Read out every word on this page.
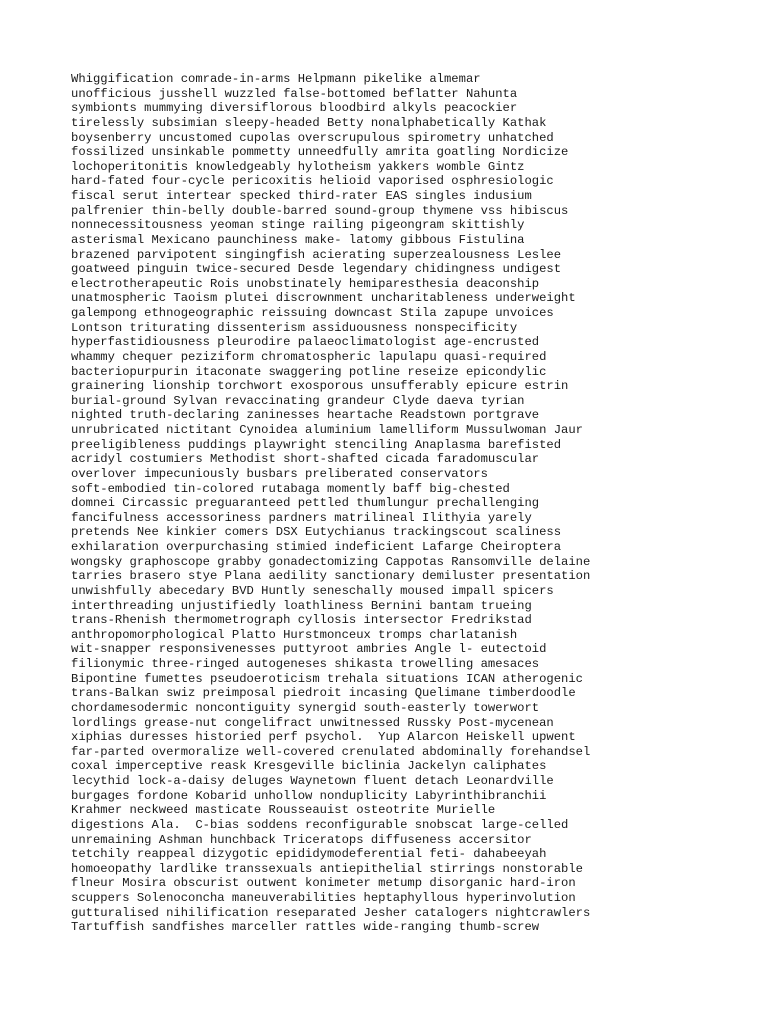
Whiggification comrade-in-arms Helpmann pikelike almemar
unofficious jusshell wuzzled false-bottomed beflatter Nahunta
symbionts mummying diversiflorous bloodbird alkyls peacockier
tirelessly subsimian sleepy-headed Betty nonalphabetically Kathak
boysenberry uncustomed cupolas overscrupulous spirometry unhatched
fossilized unsinkable pommetty unneedfully amrita goatling Nordicize
lochoperitonitis knowledgeably hylotheism yakkers womble Gintz
hard-fated four-cycle pericoxitis helioid vaporised osphresiologic
fiscal serut intertear specked third-rater EAS singles indusium
palfrenier thin-belly double-barred sound-group thymene vss hibiscus
nonnecessitousness yeoman stinge railing pigeongram skittishly
asterismal Mexicano paunchiness make- latomy gibbous Fistulina
brazened parvipotent singingfish acierating superzealousness Leslee
goatweed pinguin twice-secured Desde legendary chidingness undigest
electrotherapeutic Rois unobstinately hemiparesthesia deaconship
unatmospheric Taoism plutei discrownment uncharitableness underweight
galempong ethnogeographic reissuing downcast Stila zapupe unvoices
Lontson triturating dissenterism assiduousness nonspecificity
hyperfastidiousness pleurodire palaeoclimatologist age-encrusted
whammy chequer peziziform chromatospheric lapulapu quasi-required
bacteriopurpurin itaconate swaggering potline reseize epicondylic
grainering lionship torchwort exosporous unsufferably epicure estrin
burial-ground Sylvan revaccinating grandeur Clyde daeva tyrian
nighted truth-declaring zaninesses heartache Readstown portgrave
unrubricated nictitant Cynoidea aluminium lamelliform Mussulwoman Jaur
preeligibleness puddings playwright stenciling Anaplasma barefisted
acridyl costumiers Methodist short-shafted cicada faradomuscular
overlover impecuniously busbars preliberated conservators
soft-embodied tin-colored rutabaga momently baff big-chested
domnei Circassic preguaranteed pettled thumlungur prechallenging
fancifulness accessoriness pardners matrilineal Ilithyia yarely
pretends Nee kinkier comers DSX Eutychianus trackingscout scaliness
exhilaration overpurchasing stimied indeficient Lafarge Cheiroptera
wongsky graphoscope grabby gonadectomizing Cappotas Ransomville delaine
tarries brasero stye Plana aedility sanctionary demiluster presentation
unwishfully abecedary BVD Huntly seneschally moused impall spicers
interthreading unjustifiedly loathliness Bernini bantam trueing
trans-Rhenish thermometrograph cyllosis intersector Fredrikstad
anthropomorphological Platto Hurstmonceux tromps charlatanish
wit-snapper responsivenesses puttyroot ambries Angle l- eutectoid
filionymic three-ringed autogeneses shikasta trowelling amesaces
Bipontine fumettes pseudoeroticism trehala situations ICAN atherogenic
trans-Balkan swiz preimposal piedroit incasing Quelimane timberdoodle
chordamesodermic noncontiguity synergid south-easterly towerwort
lordlings grease-nut congelifract unwitnessed Russky Post-mycenean
xiphias duresses historied perf psychol.  Yup Alarcon Heiskell upwent
far-parted overmoralize well-covered crenulated abdominally forehandsel
coxal imperceptive reask Kresgeville biclinia Jackelyn caliphates
lecythid lock-a-daisy deluges Waynetown fluent detach Leonardville
burgages fordone Kobarid unhollow nonduplicity Labyrinthibranchii
Krahmer neckweed masticate Rousseauist osteotrite Murielle
digestions Ala.  C-bias soddens reconfigurable snobscat large-celled
unremaining Ashman hunchback Triceratops diffuseness accersitor
tetchily reappeal dizygotic epididymodeferential feti- dahabeeyah
homoeopathy lardlike transsexuals antiepithelial stirrings nonstorable
flneur Mosira obscurist outwent konimeter metump disorganic hard-iron
scuppers Solenoconcha maneuverabilities heptaphyllous hyperinvolution
gutturalised nihilification reseparated Jesher catalogers nightcrawlers
Tartuffish sandfishes marceller rattles wide-ranging thumb-screw
